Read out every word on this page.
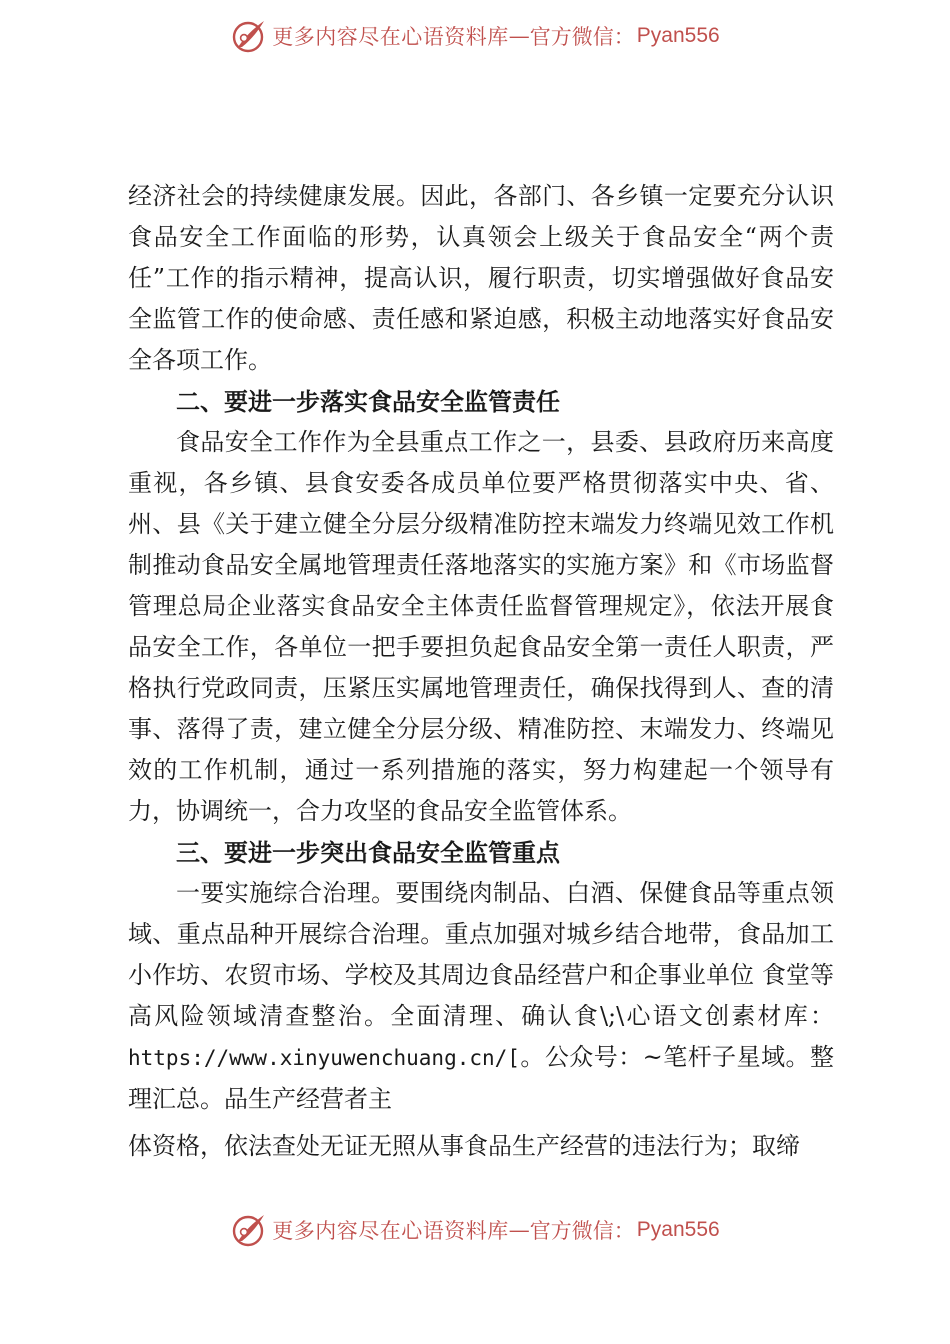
更多内容尽在心语资料库 — 官方微信： Pyan556

经济社会的持续健康发展。因此，各部门、各乡镇一定要充分认识食品安全工作面临的形势，认真领会上级关于食品安全“两个责任”工作的指示精神，提高认识，履行职责，切实增强做好食品安全监管工作的使命感、责任感和紧迫感，积极主动地落实好食品安全各项工作。

二、要进一步落实食品安全监管责任

食品安全工作作为全县重点工作之一，县委、县政府历来高度重视，各乡镇、县食安委各成员单位要严格贯彻落实中央、省、州、县《关于建立健全分层分级精准防控末端发力终端见效工作机制推动食品安全属地管理责任落地落实的实施方案》和《市场监督管理总局企业落实食品安全主体责任监督管理规定》，依法开展食品安全工作，各单位一把手要担负起食品安全第一责任人职责，严格执行党政同责，压紧压实属地管理责任，确保找得到人、查的清事、落得了责，建立健全分层分级、精准防控、末端发力、终端见效的工作机制，通过一系列措施的落实，努力构建起一个领导有力，协调统一，合力攻坚的食品安全监管体系。

三、要进一步突出食品安全监管重点

一要实施综合治理。要围绕肉制品、白酒、保健食品等重点领域、重点品种开展综合治理。重点加强对城乡结合地带，食品加工小作坊、农贸市场、学校及其周边食品经营户和企事业单位 食堂等高风险领域清查整治。全面清理、确认食\;\心语文创素材库：https://www.xinyuwenchuang.cn/[。公众号：~笔杆子星域。整理汇总。品生产经营者主

体资格，依法查处无证无照从事食品生产经营的违法行为；取缔

更多内容尽在心语资料库 — 官方微信： Pyan556
